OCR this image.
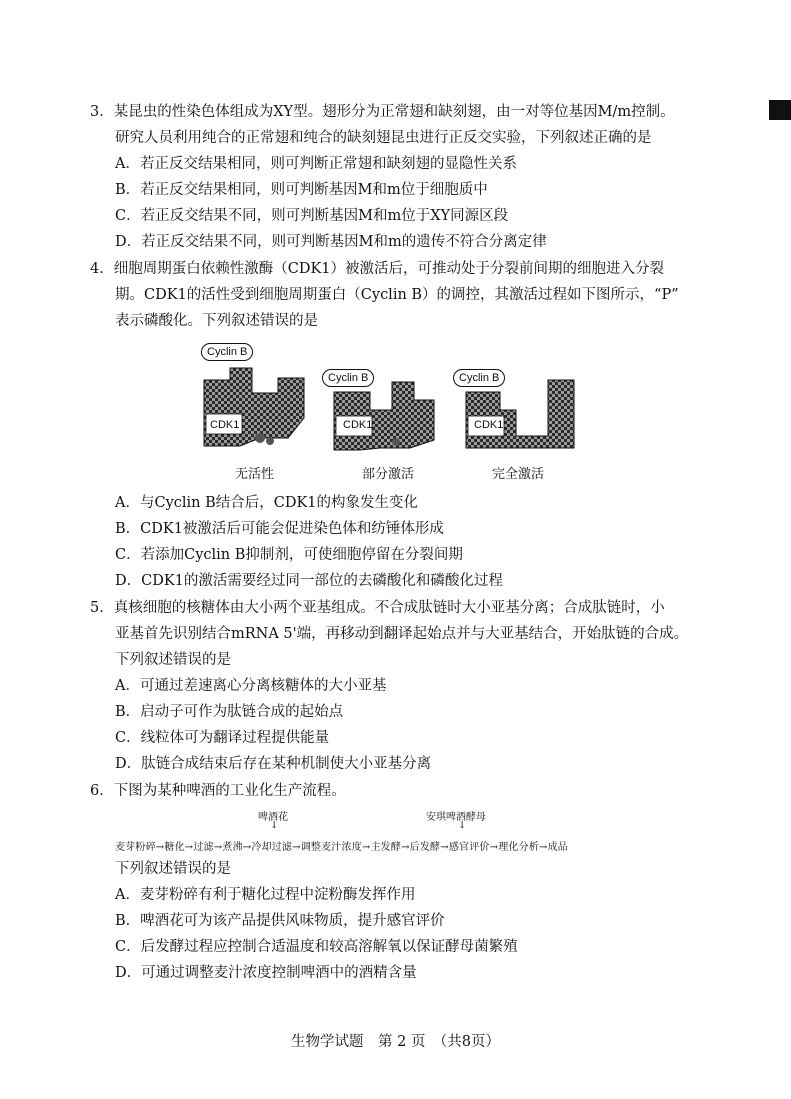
3．某昆虫的性染色体组成为XY型。翅形分为正常翅和缺刻翅，由一对等位基因M/m控制。
研究人员利用纯合的正常翅和纯合的缺刻翅昆虫进行正反交实验，下列叙述正确的是
A．若正反交结果相同，则可判断正常翅和缺刻翅的显隐性关系
B．若正反交结果相同，则可判断基因M和m位于细胞质中
C．若正反交结果不同，则可判断基因M和m位于XY同源区段
D．若正反交结果不同，则可判断基因M和m的遗传不符合分离定律
4．细胞周期蛋白依赖性激酶（CDK1）被激活后，可推动处于分裂前间期的细胞进入分裂
期。CDK1的活性受到细胞周期蛋白（Cyclin B）的调控，其激活过程如下图所示，“P”
表示磷酸化。下列叙述错误的是
Cyclin B
CDK1
Cyclin B
CDK1
Cyclin B
CDK1
无活性	部分激活	完全激活
A．与Cyclin B结合后，CDK1的构象发生变化
B．CDK1被激活后可能会促进染色体和纺锤体形成
C．若添加Cyclin B抑制剂，可使细胞停留在分裂间期
D．CDK1的激活需要经过同一部位的去磷酸化和磷酸化过程
5．真核细胞的核糖体由大小两个亚基组成。不合成肽链时大小亚基分离；合成肽链时，小
亚基首先识别结合mRNA 5'端，再移动到翻译起始点并与大亚基结合，开始肽链的合成。
下列叙述错误的是
A．可通过差速离心分离核糖体的大小亚基
B．启动子可作为肽链合成的起始点
C．线粒体可为翻译过程提供能量
D．肽链合成结束后存在某种机制使大小亚基分离
6．下图为某种啤酒的工业化生产流程。
啤酒花
↓
安琪啤酒酵母
↓
麦芽粉碎→糖化→过滤→煮沸→冷却过滤→调整麦汁浓度→主发酵→后发酵→感官评价→理化分析→成品
下列叙述错误的是
A．麦芽粉碎有利于糖化过程中淀粉酶发挥作用
B．啤酒花可为该产品提供风味物质，提升感官评价
C．后发酵过程应控制合适温度和较高溶解氧以保证酵母菌繁殖
D．可通过调整麦汁浓度控制啤酒中的酒精含量
生物学试题　第 2 页　（共8页）
